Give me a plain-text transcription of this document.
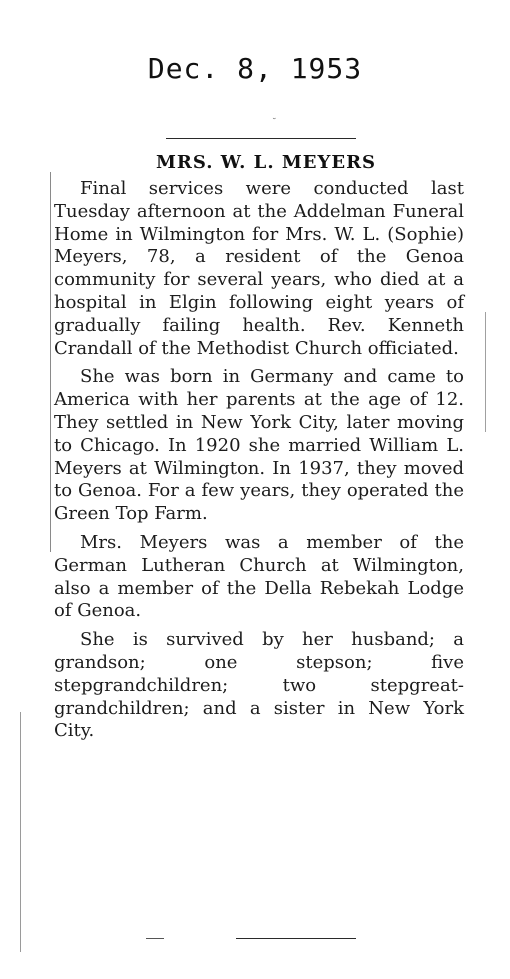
Dec. 8, 1953
˘
MRS. W. L. MEYERS

Final services were conducted last Tuesday afternoon at the Addelman Funeral Home in Wilmington for Mrs. W. L. (Sophie) Meyers, 78, a resident of the Genoa community for several years, who died at a hospital in Elgin following eight years of gradually failing health. Rev. Kenneth Crandall of the Methodist Church officiated.

She was born in Germany and came to America with her parents at the age of 12. They settled in New York City, later moving to Chicago. In 1920 she married William L. Meyers at Wilmington. In 1937, they moved to Genoa. For a few years, they operated the Green Top Farm.

Mrs. Meyers was a member of the German Lutheran Church at Wilmington, also a member of the Della Rebekah Lodge of Genoa.

She is survived by her husband; a grandson; one stepson; five stepgrandchildren; two stepgreat-grandchildren; and a sister in New York City.
